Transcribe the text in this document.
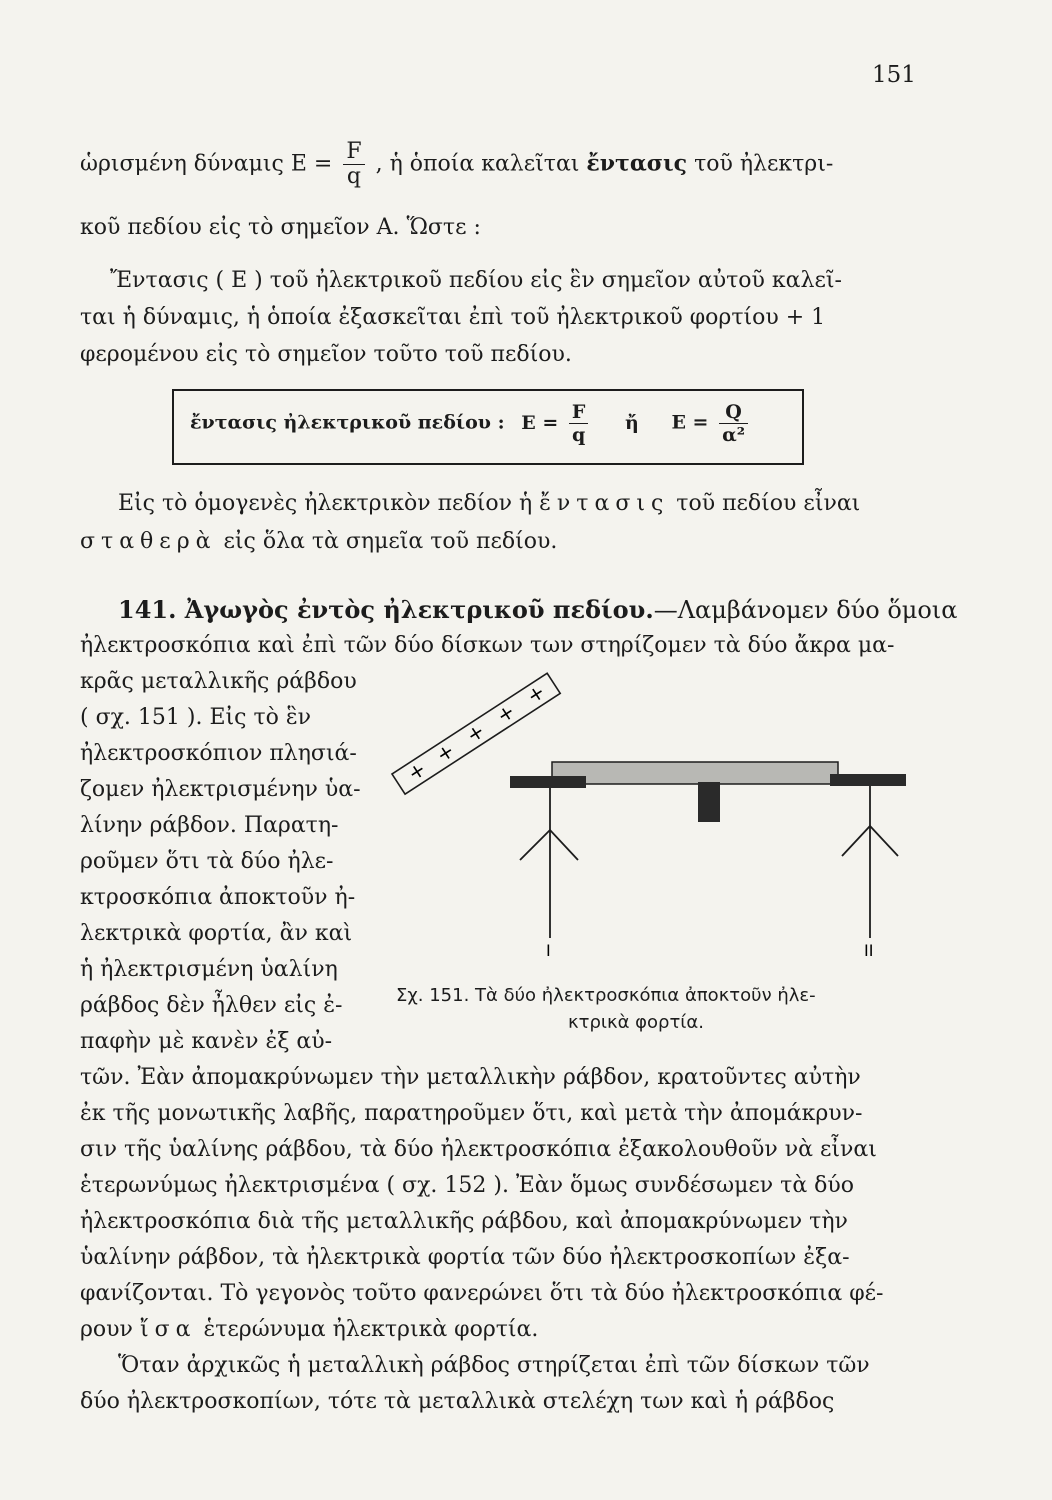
151
ὡρισμένη δύναμις $E = \frac{F}{q}$ , ἡ ὁποία καλεῖται ἔντασις τοῦ ἠλεκτρι-
κοῦ πεδίου εἰς τὸ σημεῖον Α. Ὥστε :
Ἔντασις ( Ε ) τοῦ ἠλεκτρικοῦ πεδίου εἰς ἓν σημεῖον αὐτοῦ καλεῖ-
ται ἡ δύναμις, ἡ ὁποία ἐξασκεῖται ἐπὶ τοῦ ἠλεκτρικοῦ φορτίου + 1
φερομένου εἰς τὸ σημεῖον τοῦτο τοῦ πεδίου.
ἔντασις ἠλεκτρικοῦ πεδίου : $E = \frac{F}{q}$ ἤ $E = \frac{Q}{\text{α²}}$
Εἰς τὸ ὁμογενὲς ἠλεκτρικὸν πεδίον ἡ ἔντασις τοῦ πεδίου εἶναι
σταθερὰ εἰς ὅλα τὰ σημεῖα τοῦ πεδίου.
141. Ἀγωγὸς ἐντὸς ἠλεκτρικοῦ πεδίου.—Λαμβάνομεν δύο ὅμοια
ἠλεκτροσκόπια καὶ ἐπὶ τῶν δύο δίσκων των στηρίζομεν τὰ δύο ἄκρα μα-
κρᾶς μεταλλικῆς ράβδου
( σχ. 151 ). Εἰς τὸ ἓν
ἠλεκτροσκόπιον πλησιά-
ζομεν ἠλεκτρισμένην ὑα-
λίνην ράβδον. Παρατη-
ροῦμεν ὅτι τὰ δύο ἠλε-
κτροσκόπια ἀποκτοῦν ἠ-
λεκτρικὰ φορτία, ἂν καὶ
ἡ ἠλεκτρισμένη ὑαλίνη
ράβδος δὲν ἦλθεν εἰς ἐ-
παφὴν μὲ κανὲν ἐξ αὐ-
+
+
+
+
+
I	II
Σχ. 151. Τὰ δύο ἠλεκτροσκόπια ἀποκτοῦν ἠλε-
κτρικὰ φορτία.
τῶν. Ἐὰν ἀπομακρύνωμεν τὴν μεταλλικὴν ράβδον, κρατοῦντες αὐτὴν
ἐκ τῆς μονωτικῆς λαβῆς, παρατηροῦμεν ὅτι, καὶ μετὰ τὴν ἀπομάκρυν-
σιν τῆς ὑαλίνης ράβδου, τὰ δύο ἠλεκτροσκόπια ἐξακολουθοῦν νὰ εἶναι
ἑτερωνύμως ἠλεκτρισμένα ( σχ. 152 ). Ἐὰν ὅμως συνδέσωμεν τὰ δύο
ἠλεκτροσκόπια διὰ τῆς μεταλλικῆς ράβδου, καὶ ἀπομακρύνωμεν τὴν
ὑαλίνην ράβδον, τὰ ἠλεκτρικὰ φορτία τῶν δύο ἠλεκτροσκοπίων ἐξα-
φανίζονται. Τὸ γεγονὸς τοῦτο φανερώνει ὅτι τὰ δύο ἠλεκτροσκόπια φέ-
ρουν ἴσα ἑτερώνυμα ἠλεκτρικὰ φορτία.
Ὅταν ἀρχικῶς ἡ μεταλλικὴ ράβδος στηρίζεται ἐπὶ τῶν δίσκων τῶν
δύο ἠλεκτροσκοπίων, τότε τὰ μεταλλικὰ στελέχη των καὶ ἡ ράβδος
